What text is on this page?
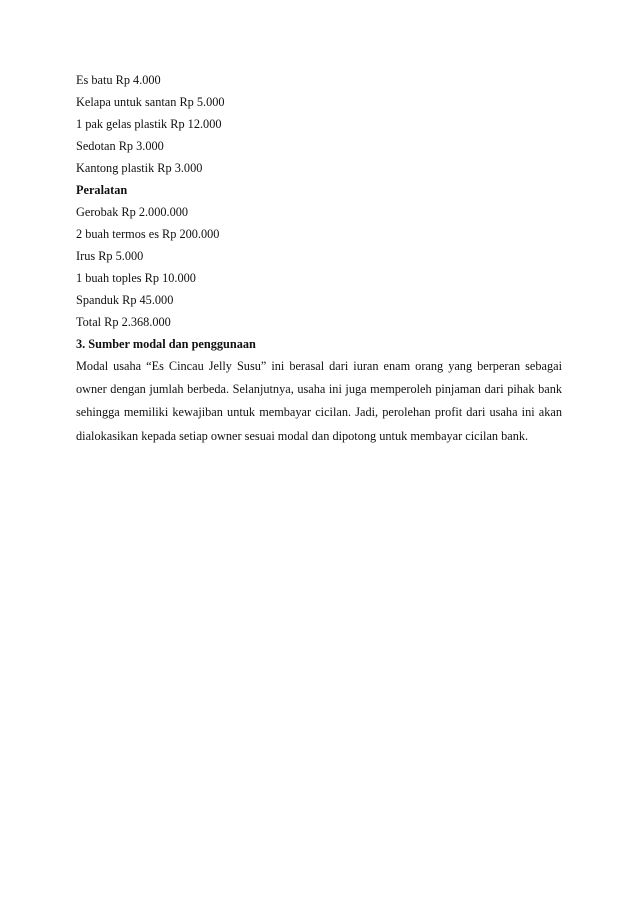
Es batu Rp 4.000

Kelapa untuk santan Rp 5.000

1 pak gelas plastik Rp 12.000

Sedotan Rp 3.000

Kantong plastik Rp 3.000

Peralatan

Gerobak Rp 2.000.000

2 buah termos es Rp 200.000

Irus Rp 5.000

1 buah toples Rp 10.000

Spanduk Rp 45.000

Total Rp 2.368.000

3. Sumber modal dan penggunaan

Modal usaha “Es Cincau Jelly Susu” ini berasal dari iuran enam orang yang berperan sebagai owner dengan jumlah berbeda. Selanjutnya, usaha ini juga memperoleh pinjaman dari pihak bank sehingga memiliki kewajiban untuk membayar cicilan. Jadi, perolehan profit dari usaha ini akan dialokasikan kepada setiap owner sesuai modal dan dipotong untuk membayar cicilan bank.
